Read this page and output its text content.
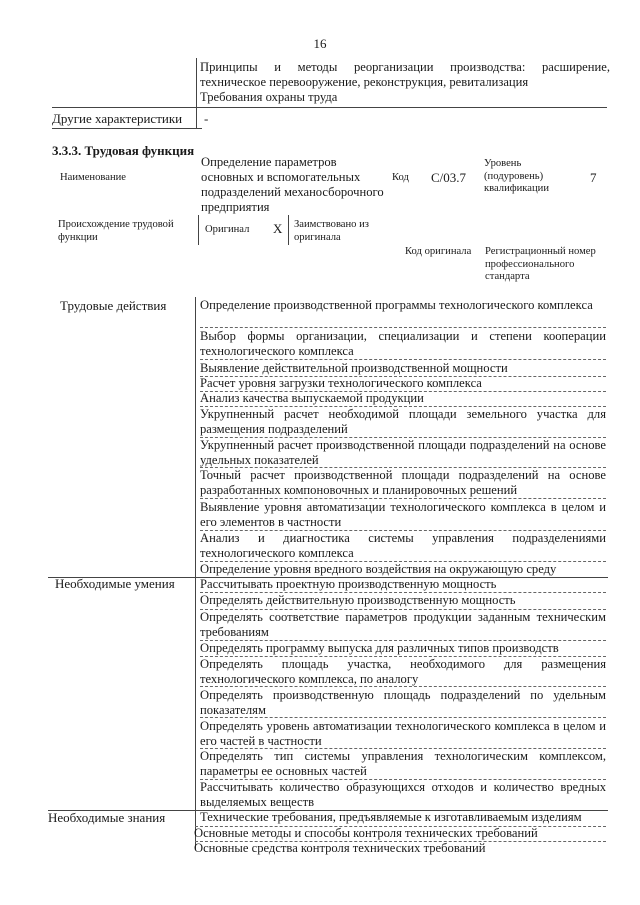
16
Принципы и методы реорганизации производства: расширение, техническое перевооружение, реконструкция, ревитализация
Требования охраны труда
Другие характеристики -
3.3.3. Трудовая функция
Наименование
Определение параметров основных и вспомогательных подразделений механосборочного предприятия
Код С/03.7
Уровень (подуровень) квалификации
7
Происхождение трудовой функции
Оригинал X Заимствовано из оригинала
Код оригинала Регистрационный номер профессионального стандарта
Трудовые действия	Определение производственной программы технологического комплекса
Выбор формы организации, специализации и степени кооперации технологического комплекса
Выявление действительной производственной мощности
Расчет уровня загрузки технологического комплекса
Анализ качества выпускаемой продукции
Укрупненный расчет необходимой площади земельного участка для размещения подразделений
Укрупненный расчет производственной площади подразделений на основе удельных показателей
Точный расчет производственной площади подразделений на основе разработанных компоновочных и планировочных решений
Выявление уровня автоматизации технологического комплекса в целом и его элементов в частности
Анализ и диагностика системы управления подразделениями технологического комплекса
Определение уровня вредного воздействия на окружающую среду
Необходимые умения Рассчитывать проектную производственную мощность
Определять действительную производственную мощность
Определять соответствие параметров продукции заданным техническим требованиям
Определять программу выпуска для различных типов производств
Определять площадь участка, необходимого для размещения технологического комплекса, по аналогу
Определять производственную площадь подразделений по удельным показателям
Определять уровень автоматизации технологического комплекса в целом и его частей в частности
Определять тип системы управления технологическим комплексом, параметры ее основных частей
Рассчитывать количество образующихся отходов и количество вредных выделяемых веществ
Необходимые знания	Технические требования, предъявляемые к изготавливаемым изделиям
Основные методы и способы контроля технических требований
Основные средства контроля технических требований
